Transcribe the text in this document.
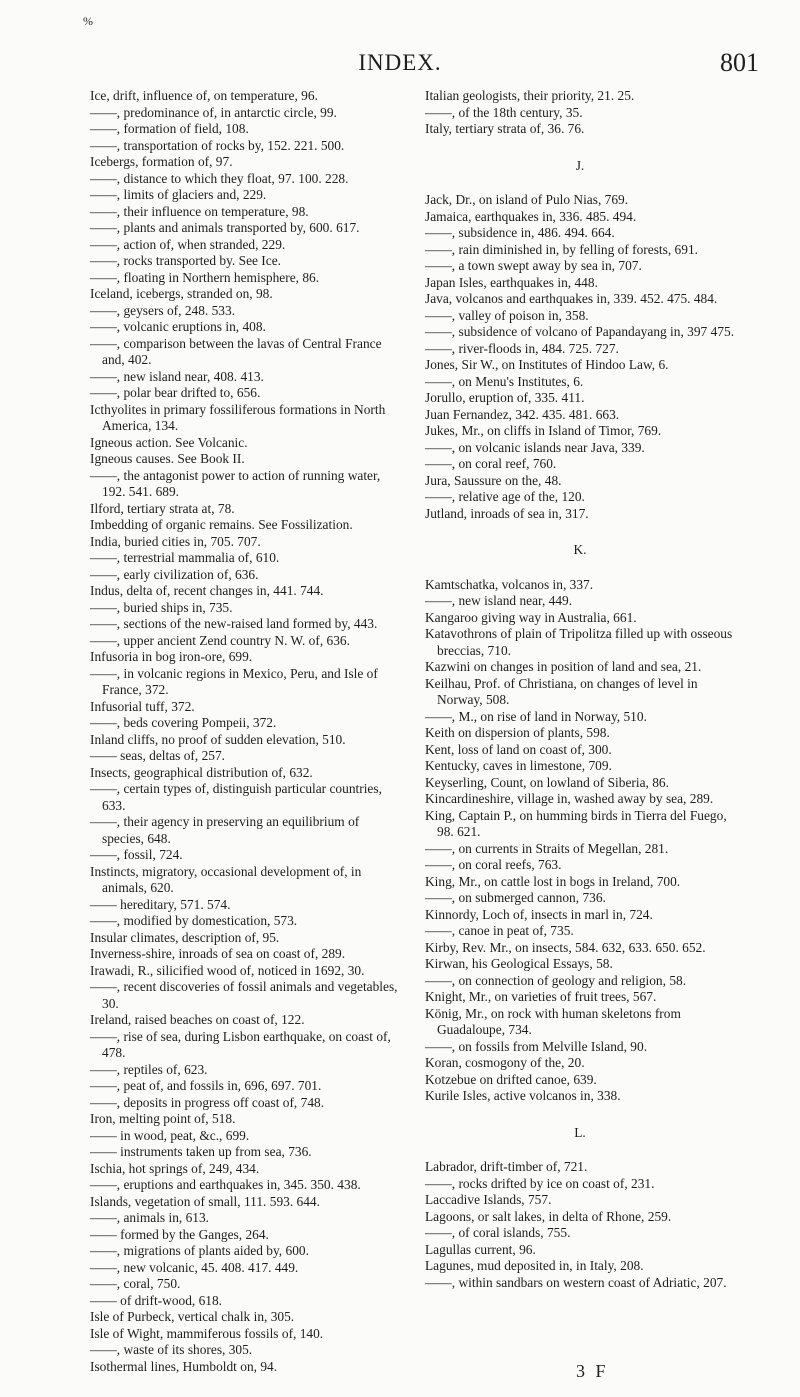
%
INDEX.	801
Ice, drift, influence of, on temperature, 96.
——, predominance of, in antarctic circle, 99.
——, formation of field, 108.
——, transportation of rocks by, 152. 221. 500.
Icebergs, formation of, 97.
——, distance to which they float, 97. 100. 228.
——, limits of glaciers and, 229.
——, their influence on temperature, 98.
——, plants and animals transported by, 600. 617.
——, action of, when stranded, 229.
——, rocks transported by. See Ice.
——, floating in Northern hemisphere, 86.
Iceland, icebergs, stranded on, 98.
——, geysers of, 248. 533.
——, volcanic eruptions in, 408.
——, comparison between the lavas of Central France and, 402.
——, new island near, 408. 413.
——, polar bear drifted to, 656.
Icthyolites in primary fossiliferous formations in North America, 134.
Igneous action. See Volcanic.
Igneous causes. See Book II.
——, the antagonist power to action of running water, 192. 541. 689.
Ilford, tertiary strata at, 78.
Imbedding of organic remains. See Fossilization.
India, buried cities in, 705. 707.
——, terrestrial mammalia of, 610.
——, early civilization of, 636.
Indus, delta of, recent changes in, 441. 744.
——, buried ships in, 735.
——, sections of the new-raised land formed by, 443.
——, upper ancient Zend country N. W. of, 636.
Infusoria in bog iron-ore, 699.
——, in volcanic regions in Mexico, Peru, and Isle of France, 372.
Infusorial tuff, 372.
——, beds covering Pompeii, 372.
Inland cliffs, no proof of sudden elevation, 510.
—— seas, deltas of, 257.
Insects, geographical distribution of, 632.
——, certain types of, distinguish particular countries, 633.
——, their agency in preserving an equilibrium of species, 648.
——, fossil, 724.
Instincts, migratory, occasional development of, in animals, 620.
—— hereditary, 571. 574.
——, modified by domestication, 573.
Insular climates, description of, 95.
Inverness-shire, inroads of sea on coast of, 289.
Irawadi, R., silicified wood of, noticed in 1692, 30.
——, recent discoveries of fossil animals and vegetables, 30.
Ireland, raised beaches on coast of, 122.
——, rise of sea, during Lisbon earthquake, on coast of, 478.
——, reptiles of, 623.
——, peat of, and fossils in, 696, 697. 701.
——, deposits in progress off coast of, 748.
Iron, melting point of, 518.
—— in wood, peat, &c., 699.
—— instruments taken up from sea, 736.
Ischia, hot springs of, 249, 434.
——, eruptions and earthquakes in, 345. 350. 438.
Islands, vegetation of small, 111. 593. 644.
——, animals in, 613.
—— formed by the Ganges, 264.
——, migrations of plants aided by, 600.
——, new volcanic, 45. 408. 417. 449.
——, coral, 750.
—— of drift-wood, 618.
Isle of Purbeck, vertical chalk in, 305.
Isle of Wight, mammiferous fossils of, 140.
——, waste of its shores, 305.
Isothermal lines, Humboldt on, 94.
Italian geologists, their priority, 21. 25.
——, of the 18th century, 35.
Italy, tertiary strata of, 36. 76.
J.
Jack, Dr., on island of Pulo Nias, 769.
Jamaica, earthquakes in, 336. 485. 494.
——, subsidence in, 486. 494. 664.
——, rain diminished in, by felling of forests, 691.
——, a town swept away by sea in, 707.
Japan Isles, earthquakes in, 448.
Java, volcanos and earthquakes in, 339. 452. 475. 484.
——, valley of poison in, 358.
——, subsidence of volcano of Papandayang in, 397 475.
——, river-floods in, 484. 725. 727.
Jones, Sir W., on Institutes of Hindoo Law, 6.
——, on Menu's Institutes, 6.
Jorullo, eruption of, 335. 411.
Juan Fernandez, 342. 435. 481. 663.
Jukes, Mr., on cliffs in Island of Timor, 769.
——, on volcanic islands near Java, 339.
——, on coral reef, 760.
Jura, Saussure on the, 48.
——, relative age of the, 120.
Jutland, inroads of sea in, 317.
K.
Kamtschatka, volcanos in, 337.
——, new island near, 449.
Kangaroo giving way in Australia, 661.
Katavothrons of plain of Tripolitza filled up with osseous breccias, 710.
Kazwini on changes in position of land and sea, 21.
Keilhau, Prof. of Christiana, on changes of level in Norway, 508.
——, M., on rise of land in Norway, 510.
Keith on dispersion of plants, 598.
Kent, loss of land on coast of, 300.
Kentucky, caves in limestone, 709.
Keyserling, Count, on lowland of Siberia, 86.
Kincardineshire, village in, washed away by sea, 289.
King, Captain P., on humming birds in Tierra del Fuego, 98. 621.
——, on currents in Straits of Megellan, 281.
——, on coral reefs, 763.
King, Mr., on cattle lost in bogs in Ireland, 700.
——, on submerged cannon, 736.
Kinnordy, Loch of, insects in marl in, 724.
——, canoe in peat of, 735.
Kirby, Rev. Mr., on insects, 584. 632, 633. 650. 652.
Kirwan, his Geological Essays, 58.
——, on connection of geology and religion, 58.
Knight, Mr., on varieties of fruit trees, 567.
König, Mr., on rock with human skeletons from Guadaloupe, 734.
——, on fossils from Melville Island, 90.
Koran, cosmogony of the, 20.
Kotzebue on drifted canoe, 639.
Kurile Isles, active volcanos in, 338.
L.
Labrador, drift-timber of, 721.
——, rocks drifted by ice on coast of, 231.
Laccadive Islands, 757.
Lagoons, or salt lakes, in delta of Rhone, 259.
——, of coral islands, 755.
Lagullas current, 96.
Lagunes, mud deposited in, in Italy, 208.
——, within sandbars on western coast of Adriatic, 207.
3 F
